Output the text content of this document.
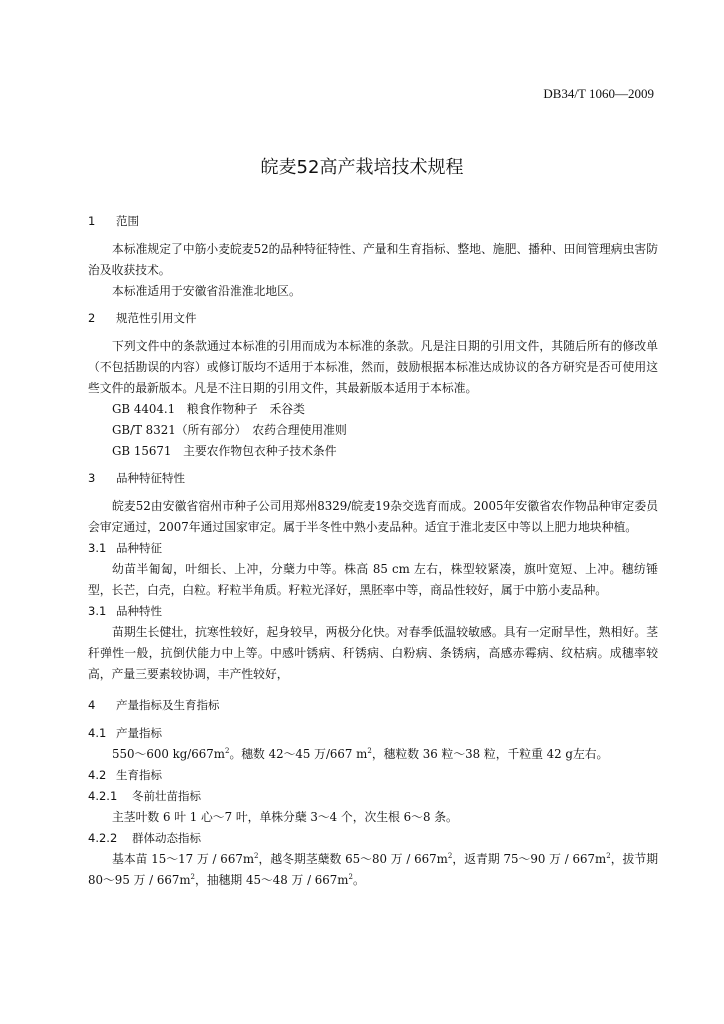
DB34/T 1060—2009
皖麦52高产栽培技术规程
1 范围

本标准规定了中筋小麦皖麦52的品种特征特性、产量和生育指标、整地、施肥、播种、田间管理病虫害防治及收获技术。

本标准适用于安徽省沿淮淮北地区。

2 规范性引用文件

下列文件中的条款通过本标准的引用而成为本标准的条款。凡是注日期的引用文件，其随后所有的修改单（不包括勘误的内容）或修订版均不适用于本标准，然而，鼓励根据本标准达成协议的各方研究是否可使用这些文件的最新版本。凡是不注日期的引用文件，其最新版本适用于本标准。

GB 4404.1　粮食作物种子　禾谷类
GB/T 8321（所有部分）　农药合理使用准则
GB 15671　主要农作物包衣种子技术条件
3 品种特征特性

皖麦52由安徽省宿州市种子公司用郑州8329/皖麦19杂交选育而成。2005年安徽省农作物品种审定委员会审定通过，2007年通过国家审定。属于半冬性中熟小麦品种。适宜于淮北麦区中等以上肥力地块种植。

3.1 品种特征

幼苗半匍匐，叶细长、上冲，分蘖力中等。株高 85 cm 左右，株型较紧凑，旗叶宽短、上冲。穗纺锤型，长芒，白壳，白粒。籽粒半角质。籽粒光泽好，黑胚率中等，商品性较好，属于中筋小麦品种。

3.1 品种特性

苗期生长健壮，抗寒性较好，起身较早，两极分化快。对春季低温较敏感。具有一定耐旱性，熟相好。茎秆弹性一般，抗倒伏能力中上等。中感叶锈病、秆锈病、白粉病、条锈病，高感赤霉病、纹枯病。成穗率较高，产量三要素较协调，丰产性较好，

4 产量指标及生育指标
4.1 产量指标

550～600 $kg/667m^2$。穗数 42～45 万/667 $m^2$，穗粒数 36 粒～38 粒，千粒重 42 g左右。

4.2 生育指标
4.2.1 冬前壮苗指标

主茎叶数 6 叶 1 心～7 叶，单株分蘖 3～4 个，次生根 6～8 条。

4.2.2 群体动态指标

基本苗 15～17 万 / $667m^2$，越冬期茎蘖数 65～80 万 / $667m^2$，返青期 75～90 万 / $667m^2$，拔节期 80～95 万 / $667m^2$，抽穗期 45～48 万 / $667m^2$。
